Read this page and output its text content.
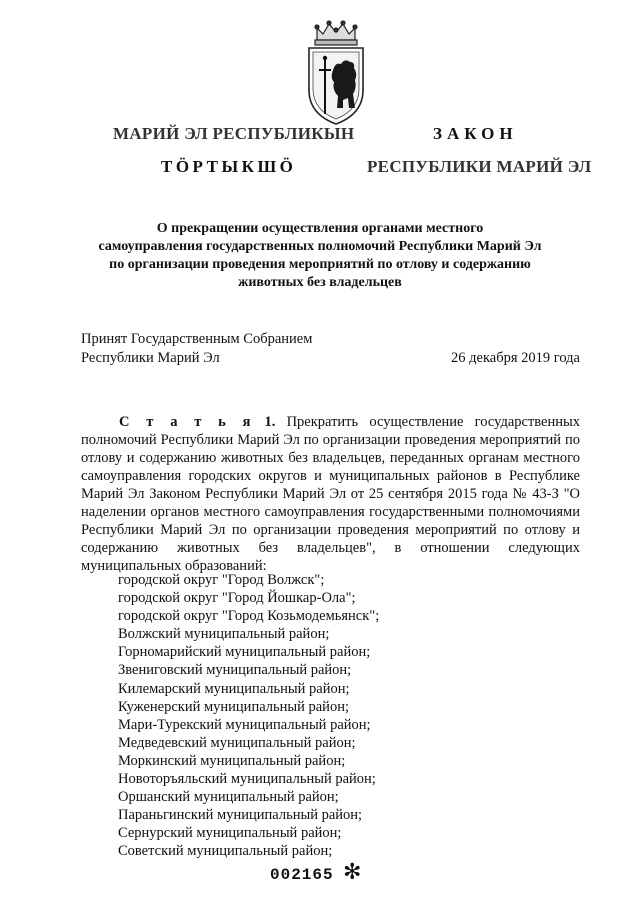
МАРИЙ ЭЛ РЕСПУБЛИКЫН
ТӦРТЫКШӦ
ЗАКОН
РЕСПУБЛИКИ МАРИЙ ЭЛ
О прекращении осуществления органами местного
самоуправления государственных полномочий Республики Марий Эл
по организации проведения мероприятий по отлову и содержанию
животных без владельцев
Принят Государственным Собранием
Республики Марий Эл	26 декабря 2019 года

С т а т ь я 1. Прекратить осуществление государственных полномочий Республики Марий Эл по организации проведения мероприятий по отлову и содержанию животных без владельцев, переданных органам местного самоуправления городских округов и муниципальных районов в Республике Марий Эл Законом Республики Марий Эл от 25 сентября 2015 года № 43-З "О наделении органов местного самоуправления государственными полномочиями Республики Марий Эл по организации проведения мероприятий по отлову и содержанию животных без владельцев", в отношении следующих муниципальных образований:

городской округ "Город Волжск";
городской округ "Город Йошкар-Ола";
городской округ "Город Козьмодемьянск";
Волжский муниципальный район;
Горномарийский муниципальный район;
Звениговский муниципальный район;
Килемарский муниципальный район;
Куженерский муниципальный район;
Мари-Турекский муниципальный район;
Медведевский муниципальный район;
Моркинский муниципальный район;
Новоторъяльский муниципальный район;
Оршанский муниципальный район;
Параньгинский муниципальный район;
Сернурский муниципальный район;
Советский муниципальный район;
002165 ✻
